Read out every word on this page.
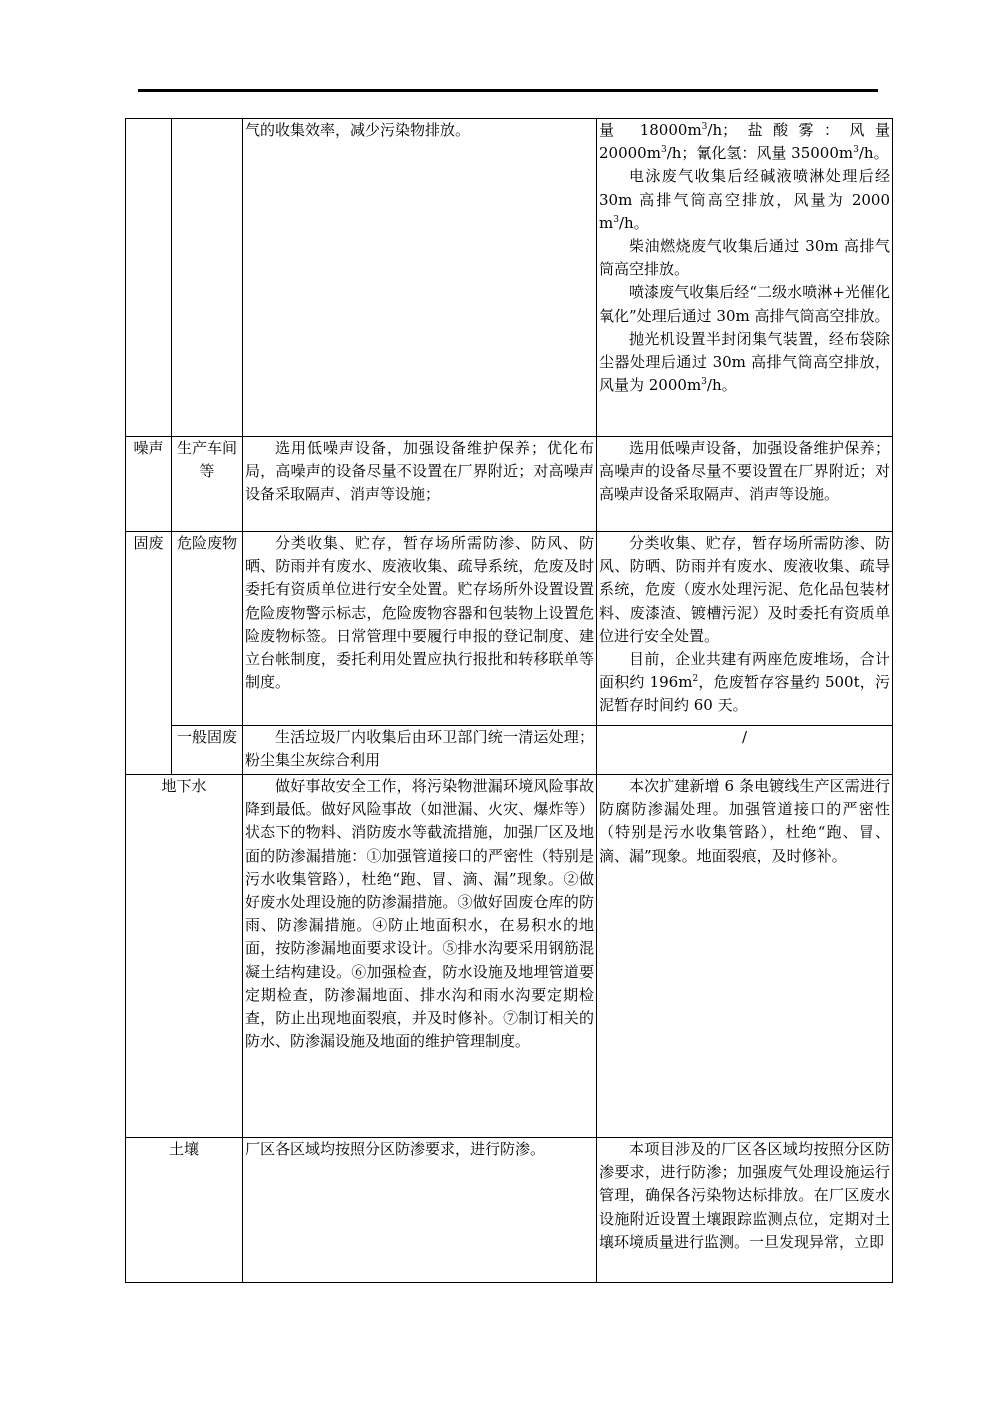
		气的收集效率，减少污染物排放。	量 $18000m^3/h$；盐酸雾：风量 $20000m^3/h$；氰化氢：风量 $35000m^3/h$。

电泳废气收集后经碱液喷淋处理后经 30m 高排气筒高空排放，风量为 2000 $m^3/h$。

柴油燃烧废气收集后通过 30m 高排气筒高空排放。

喷漆废气收集后经“二级水喷淋+光催化氧化”处理后通过 30m 高排气筒高空排放。

抛光机设置半封闭集气装置，经布袋除尘器处理后通过 30m 高排气筒高空排放，风量为 $2000m^3/h$。

噪声	生产车间等	选用低噪声设备，加强设备维护保养；优化布局，高噪声的设备尽量不设置在厂界附近；对高噪声设备采取隔声、消声等设施；	选用低噪声设备，加强设备维护保养；高噪声的设备尽量不要设置在厂界附近；对高噪声设备采取隔声、消声等设施。

固废	危险废物	分类收集、贮存，暂存场所需防渗、防风、防晒、防雨并有废水、废液收集、疏导系统，危废及时委托有资质单位进行安全处置。贮存场所外设置设置危险废物警示标志，危险废物容器和包装物上设置危险废物标签。日常管理中要履行申报的登记制度、建立台帐制度，委托利用处置应执行报批和转移联单等制度。	分类收集、贮存，暂存场所需防渗、防风、防晒、防雨并有废水、废液收集、疏导系统，危废（废水处理污泥、危化品包装材料、废漆渣、镀槽污泥）及时委托有资质单位进行安全处置。

目前，企业共建有两座危废堆场，合计面积约 $196m^2$，危废暂存容量约 500t，污泥暂存时间约 60 天。

	一般固废	生活垃圾厂内收集后由环卫部门统一清运处理；粉尘集尘灰综合利用	/
地下水		做好事故安全工作，将污染物泄漏环境风险事故降到最低。做好风险事故（如泄漏、火灾、爆炸等）状态下的物料、消防废水等截流措施，加强厂区及地面的防渗漏措施：①加强管道接口的严密性（特别是污水收集管路），杜绝“跑、冒、滴、漏”现象。②做好废水处理设施的防渗漏措施。③做好固废仓库的防雨、防渗漏措施。④防止地面积水，在易积水的地面，按防渗漏地面要求设计。⑤排水沟要采用钢筋混凝土结构建设。⑥加强检查，防水设施及地埋管道要定期检查，防渗漏地面、排水沟和雨水沟要定期检查，防止出现地面裂痕，并及时修补。⑦制订相关的防水、防渗漏设施及地面的维护管理制度。	本次扩建新增 6 条电镀线生产区需进行防腐防渗漏处理。加强管道接口的严密性（特别是污水收集管路），杜绝“跑、冒、滴、漏”现象。地面裂痕，及时修补。

土壤		厂区各区域均按照分区防渗要求，进行防渗。	本项目涉及的厂区各区域均按照分区防渗要求，进行防渗；加强废气处理设施运行管理，确保各污染物达标排放。在厂区废水设施附近设置土壤跟踪监测点位，定期对土壤环境质量进行监测。一旦发现异常，立即
